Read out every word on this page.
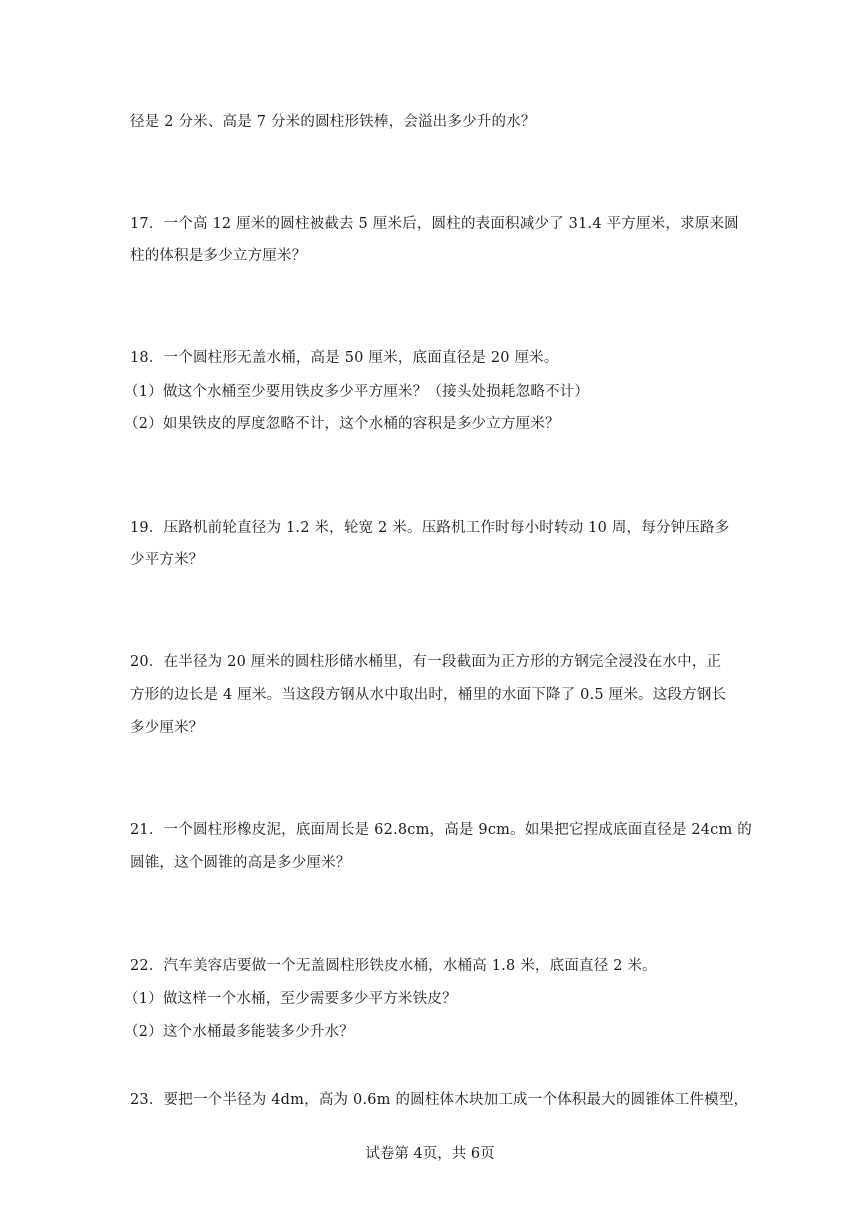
径是 2 分米、高是 7 分米的圆柱形铁棒，会溢出多少升的水？
17．一个高 12 厘米的圆柱被截去 5 厘米后，圆柱的表面积减少了 31.4 平方厘米，求原来圆
柱的体积是多少立方厘米？
18．一个圆柱形无盖水桶，高是 50 厘米，底面直径是 20 厘米。
（1）做这个水桶至少要用铁皮多少平方厘米？（接头处损耗忽略不计）
（2）如果铁皮的厚度忽略不计，这个水桶的容积是多少立方厘米？
19．压路机前轮直径为 1.2 米，轮宽 2 米。压路机工作时每小时转动 10 周，每分钟压路多
少平方米？
20．在半径为 20 厘米的圆柱形储水桶里，有一段截面为正方形的方钢完全浸没在水中，正
方形的边长是 4 厘米。当这段方钢从水中取出时，桶里的水面下降了 0.5 厘米。这段方钢长
多少厘米？
21．一个圆柱形橡皮泥，底面周长是 62.8cm，高是 9cm。如果把它捏成底面直径是 24cm 的
圆锥，这个圆锥的高是多少厘米？
22．汽车美容店要做一个无盖圆柱形铁皮水桶，水桶高 1.8 米，底面直径 2 米。
（1）做这样一个水桶，至少需要多少平方米铁皮？
（2）这个水桶最多能装多少升水？
23．要把一个半径为 4dm，高为 0.6m 的圆柱体木块加工成一个体积最大的圆锥体工件模型，
试卷第 4页，共 6页
